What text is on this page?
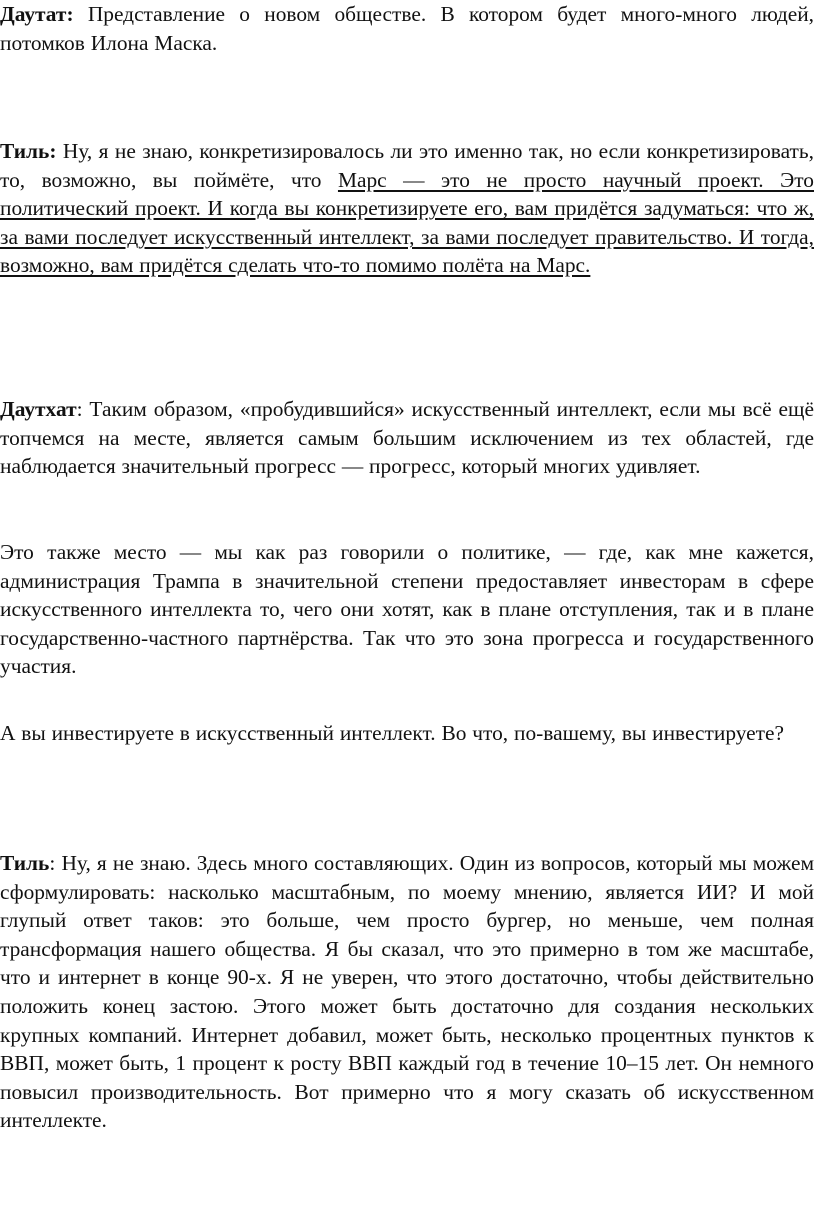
Даутат: Представление о новом обществе. В котором будет много-много людей, потомков Илона Маска.

Тиль: Ну, я не знаю, конкретизировалось ли это именно так, но если конкретизировать, то, возможно, вы поймёте, что Марс — это не просто научный проект. Это политический проект. И когда вы конкретизируете его, вам придётся задуматься: что ж, за вами последует искусственный интеллект, за вами последует правительство. И тогда, возможно, вам придётся сделать что-то помимо полёта на Марс.

Даутхат: Таким образом, «пробудившийся» искусственный интеллект, если мы всё ещё топчемся на месте, является самым большим исключением из тех областей, где наблюдается значительный прогресс — прогресс, который многих удивляет.

Это также место — мы как раз говорили о политике, — где, как мне кажется, администрация Трампа в значительной степени предоставляет инвесторам в сфере искусственного интеллекта то, чего они хотят, как в плане отступления, так и в плане государственно-частного партнёрства. Так что это зона прогресса и государственного участия.

А вы инвестируете в искусственный интеллект. Во что, по-вашему, вы инвестируете?

Тиль: Ну, я не знаю. Здесь много составляющих. Один из вопросов, который мы можем сформулировать: насколько масштабным, по моему мнению, является ИИ? И мой глупый ответ таков: это больше, чем просто бургер, но меньше, чем полная трансформация нашего общества. Я бы сказал, что это примерно в том же масштабе, что и интернет в конце 90-х. Я не уверен, что этого достаточно, чтобы действительно положить конец застою. Этого может быть достаточно для создания нескольких крупных компаний. Интернет добавил, может быть, несколько процентных пунктов к ВВП, может быть, 1 процент к росту ВВП каждый год в течение 10–15 лет. Он немного повысил производительность. Вот примерно что я могу сказать об искусственном интеллекте.
